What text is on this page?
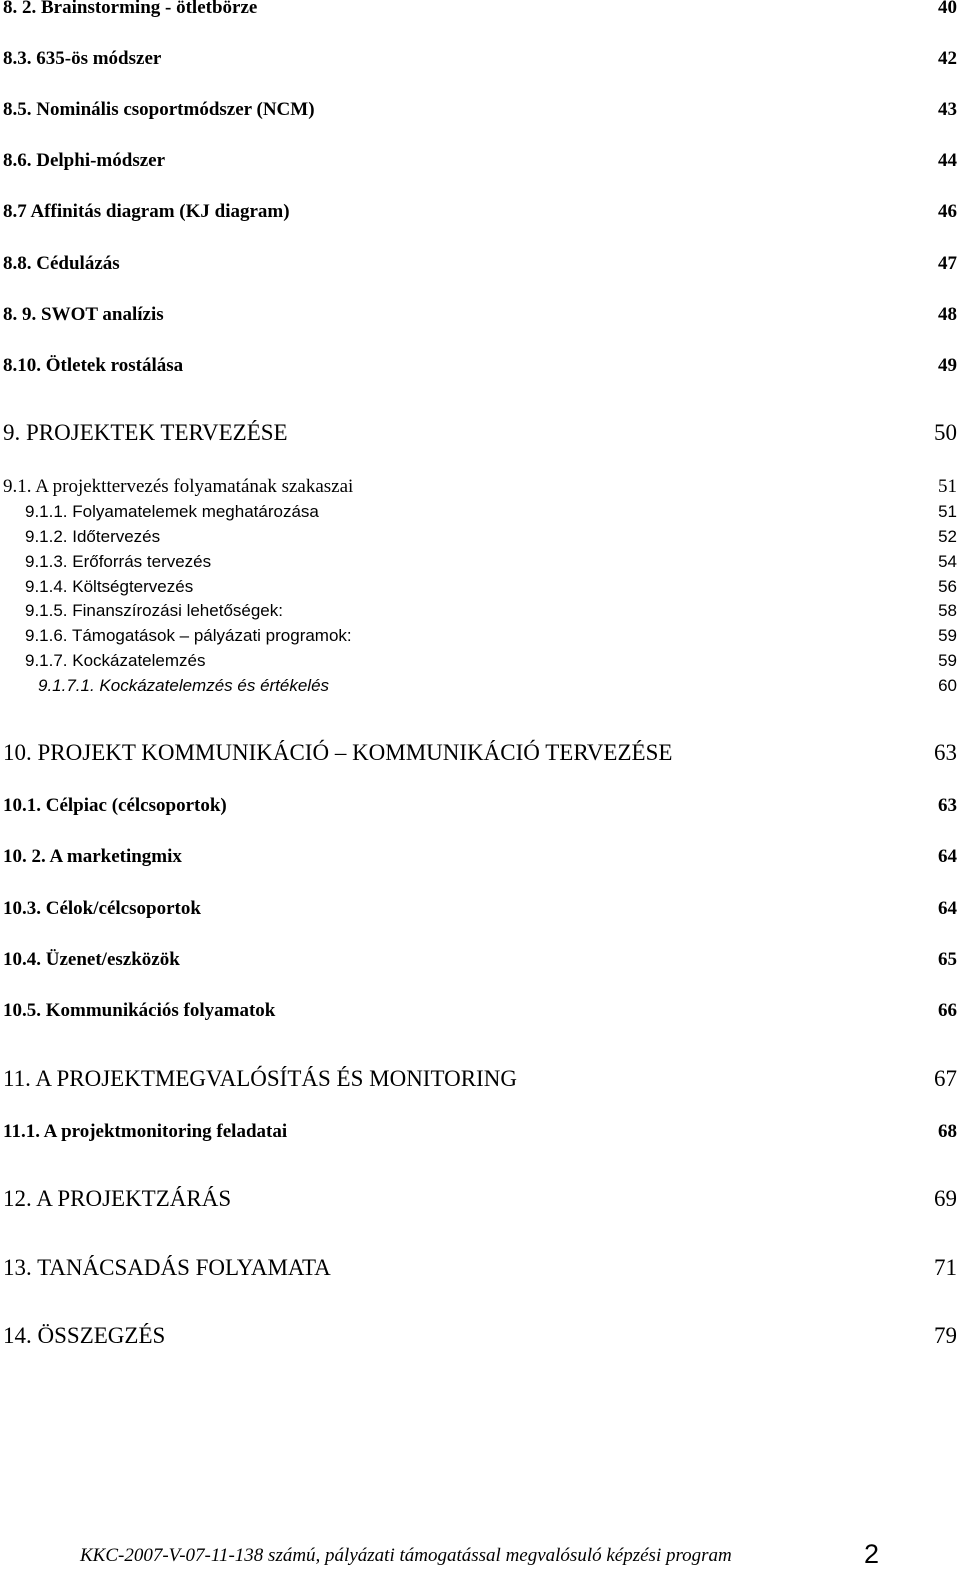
8. 2. Brainstorming - ötletbörze	40
8.3. 635-ös módszer	42
8.5. Nominális csoportmódszer (NCM)	43
8.6. Delphi-módszer	44
8.7 Affinitás diagram (KJ diagram)	46
8.8. Cédulázás	47
8. 9. SWOT analízis	48
8.10. Ötletek rostálása	49
9. PROJEKTEK TERVEZÉSE	50
9.1. A projekttervezés folyamatának szakaszai	51
9.1.1. Folyamatelemek meghatározása	51
9.1.2. Időtervezés	52
9.1.3. Erőforrás tervezés	54
9.1.4. Költségtervezés	56
9.1.5. Finanszírozási lehetőségek:	58
9.1.6. Támogatások – pályázati programok:	59
9.1.7. Kockázatelemzés	59
9.1.7.1. Kockázatelemzés és értékelés	60
10. PROJEKT KOMMUNIKÁCIÓ – KOMMUNIKÁCIÓ TERVEZÉSE	63
10.1. Célpiac (célcsoportok)	63
10. 2. A marketingmix	64
10.3. Célok/célcsoportok	64
10.4. Üzenet/eszközök	65
10.5. Kommunikációs folyamatok	66
11. A PROJEKTMEGVALÓSÍTÁS ÉS MONITORING	67
11.1. A projektmonitoring feladatai	68
12. A PROJEKTZÁRÁS	69
13. TANÁCSADÁS FOLYAMATA	71
14. ÖSSZEGZÉS	79
KKC-2007-V-07-11-138 számú, pályázati támogatással megvalósuló képzési program	2
